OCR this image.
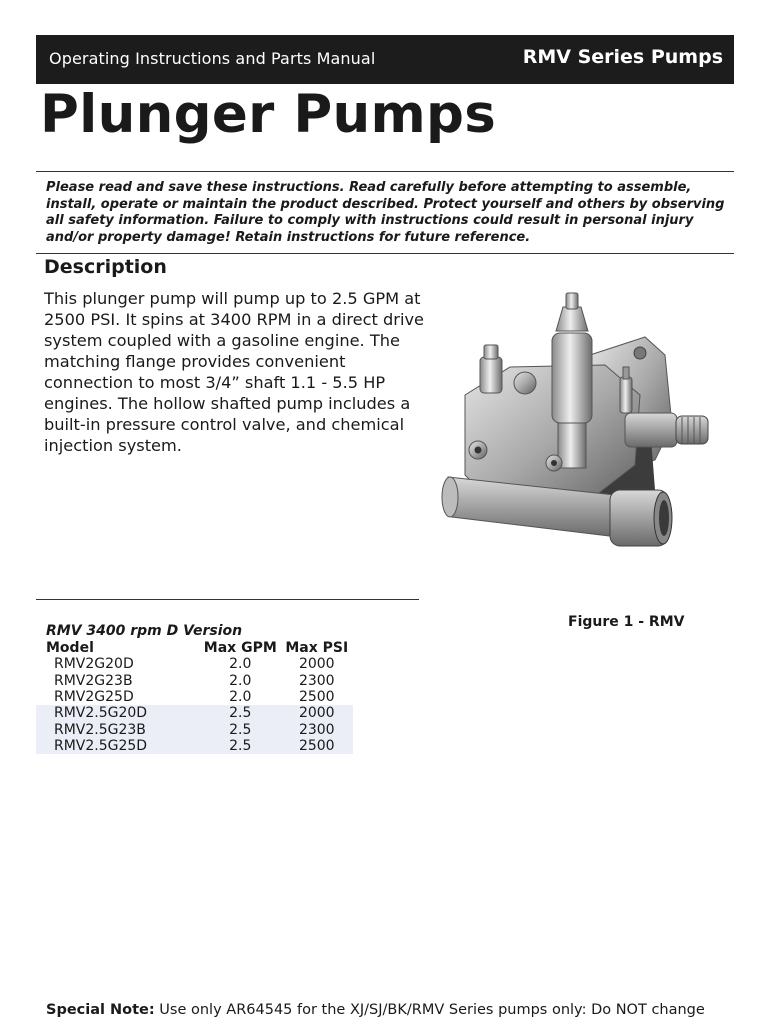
Operating Instructions and Parts Manual	RMV Series Pumps
Plunger Pumps
Please read and save these instructions. Read carefully before attempting to assemble, install, operate or maintain the product described. Protect yourself and others by observing all safety information. Failure to comply with instructions could result in personal injury and/or property damage! Retain instructions for future reference.
Description
This plunger pump will pump up to 2.5 GPM at 2500 PSI. It spins at 3400 RPM in a direct drive system coupled with a gasoline engine. The matching flange provides convenient connection to most 3/4” shaft 1.1 - 5.5 HP engines. The hollow shafted pump includes a built-in pressure control valve, and chemical injection system.
Figure 1 - RMV
RMV 3400 rpm D Version
Model	Max GPM	Max PSI
RMV2G20D	2.0	2000
RMV2G23B	2.0	2300
RMV2G25D	2.0	2500
RMV2.5G20D	2.5	2000
RMV2.5G23B	2.5	2300
RMV2.5G25D	2.5	2500
Special Note: Use only AR64545 for the XJ/SJ/BK/RMV Series pumps only: Do NOT change
